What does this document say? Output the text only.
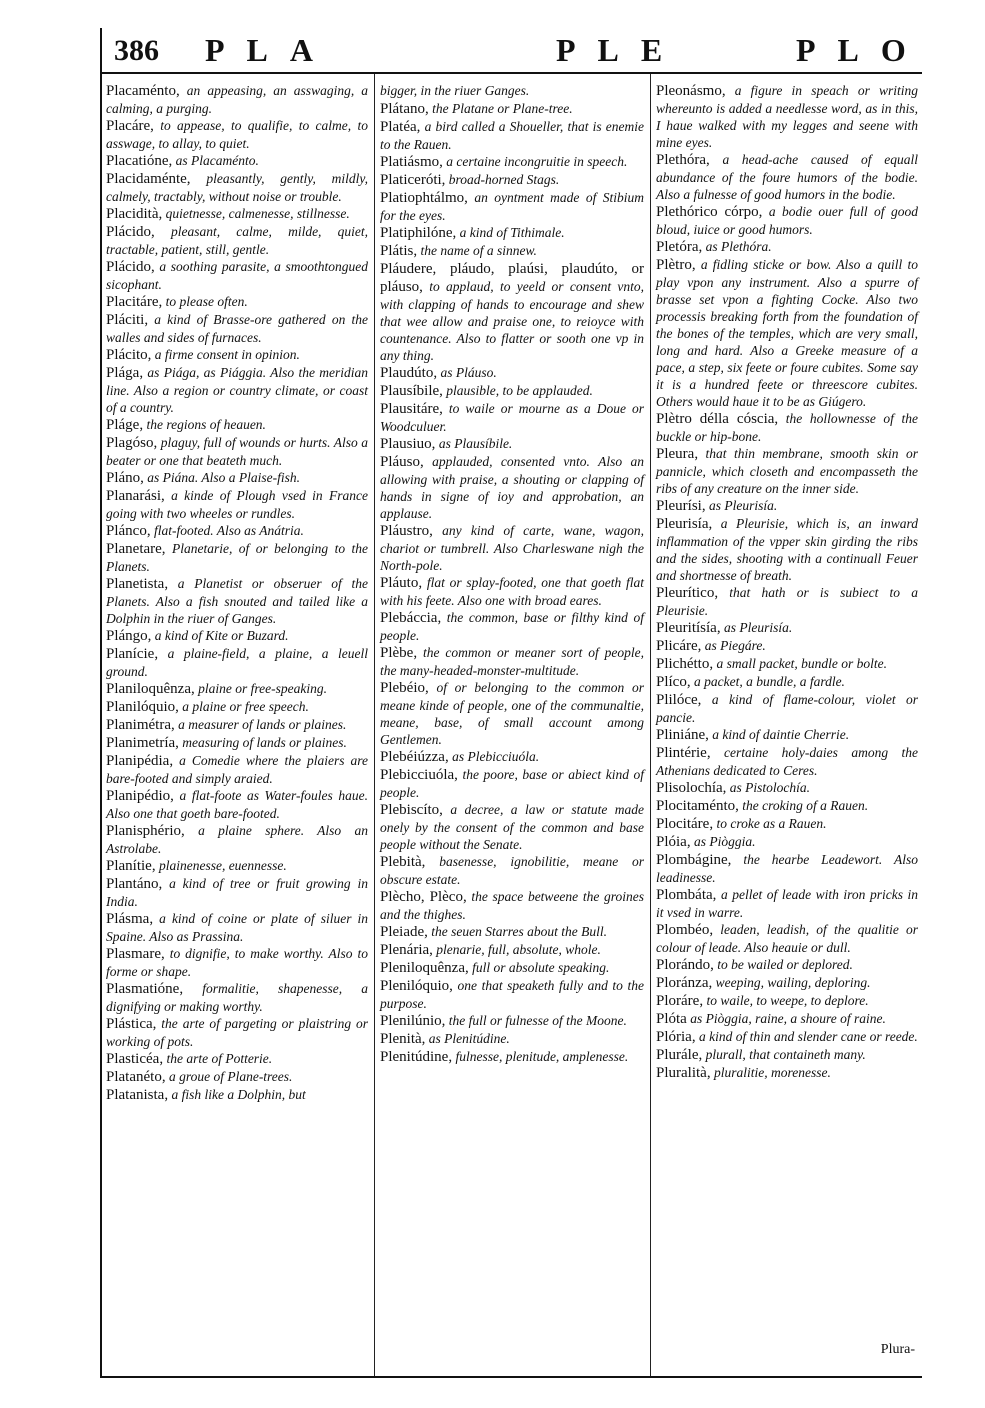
386 PLA	PLE	PLO

Placaménto, an appeasing, an asswaging, a calming, a purging.

Placáre, to appease, to qualifie, to calme, to asswage, to allay, to quiet.

Placatióne, as Placaménto.

Placidaménte, pleasantly, gently, mildly, calmely, tractably, without noise or trouble.

Placidità, quietnesse, calmenesse, stillnesse.

Plácido, pleasant, calme, milde, quiet, tractable, patient, still, gentle.

Plácido, a soothing parasite, a smoothtongued sicophant.

Placitáre, to please often.

Pláciti, a kind of Brasse-ore gathered on the walles and sides of furnaces.

Plácito, a firme consent in opinion.

Plága, as Piága, as Piággia. Also the meridian line. Also a region or country climate, or coast of a country.

Pláge, the regions of heauen.

Plagóso, plaguy, full of wounds or hurts. Also a beater or one that beateth much.

Pláno, as Piána. Also a Plaise-fish.

Planarási, a kinde of Plough vsed in France going with two wheeles or rundles.

Plánco, flat-footed. Also as Anátria.

Planetare, Planetarie, of or belonging to the Planets.

Planetista, a Planetist or obseruer of the Planets. Also a fish snouted and tailed like a Dolphin in the riuer of Ganges.

Plángo, a kind of Kite or Buzard.

Planície, a plaine-field, a plaine, a leuell ground.

Planiloquênza, plaine or free-speaking.

Planilóquio, a plaine or free speech.

Planimétra, a measurer of lands or plaines.

Planimetría, measuring of lands or plaines.

Planipédia, a Comedie where the plaiers are bare-footed and simply araied.

Planipédio, a flat-foote as Water-foules haue. Also one that goeth bare-footed.

Planisphério, a plaine sphere. Also an Astrolabe.

Planítie, plainenesse, euennesse.

Plantáno, a kind of tree or fruit growing in India.

Plásma, a kind of coine or plate of siluer in Spaine. Also as Prassina.

Plasmare, to dignifie, to make worthy. Also to forme or shape.

Plasmatióne, formalitie, shapenesse, a dignifying or making worthy.

Plástica, the arte of pargeting or plaistring or working of pots.

Plasticéa, the arte of Potterie.

Platanéto, a groue of Plane-trees.

Platanista, a fish like a Dolphin, but

bigger, in the riuer Ganges.

Plátano, the Platane or Plane-tree.

Platéa, a bird called a Shoueller, that is enemie to the Rauen.

Platiásmo, a certaine incongruitie in speech.

Platiceróti, broad-horned Stags.

Platiophtálmo, an oyntment made of Stibium for the eyes.

Platiphilóne, a kind of Tithimale.

Plátis, the name of a sinnew.

Pláudere, pláudo, plaúsi, plaudúto, or pláuso, to applaud, to yeeld or consent vnto, with clapping of hands to encourage and shew that wee allow and praise one, to reioyce with countenance. Also to flatter or sooth one vp in any thing.

Plaudúto, as Pláuso.

Plausíbile, plausible, to be applauded.

Plausitáre, to waile or mourne as a Doue or Woodculuer.

Plausiuo, as Plausíbile.

Pláuso, applauded, consented vnto. Also an allowing with praise, a shouting or clapping of hands in signe of ioy and approbation, an applause.

Pláustro, any kind of carte, wane, wagon, chariot or tumbrell. Also Charleswane nigh the North-pole.

Pláuto, flat or splay-footed, one that goeth flat with his feete. Also one with broad eares.

Plebáccia, the common, base or filthy kind of people.

Plèbe, the common or meaner sort of people, the many-headed-monster-multitude.

Plebéio, of or belonging to the common or meane kinde of people, one of the communaltie, meane, base, of small account among Gentlemen.

Plebéiúzza, as Plebicciuóla.

Plebicciuóla, the poore, base or abiect kind of people.

Plebiscíto, a decree, a law or statute made onely by the consent of the common and base people without the Senate.

Plebità, basenesse, ignobilitie, meane or obscure estate.

Plècho, Plèco, the space betweene the groines and the thighes.

Pleiade, the seuen Starres about the Bull.

Plenária, plenarie, full, absolute, whole.

Pleniloquênza, full or absolute speaking.

Plenilóquio, one that speaketh fully and to the purpose.

Plenilúnio, the full or fulnesse of the Moone.

Plenità, as Plenitúdine.

Plenitúdine, fulnesse, plenitude, amplenesse.

Pleonásmo, a figure in speach or writing whereunto is added a needlesse word, as in this, I haue walked with my legges and seene with mine eyes.

Plethóra, a head-ache caused of equall abundance of the foure humors of the bodie. Also a fulnesse of good humors in the bodie.

Plethórico córpo, a bodie ouer full of good bloud, iuice or good humors.

Pletóra, as Plethóra.

Plètro, a fidling sticke or bow. Also a quill to play vpon any instrument. Also a spurre of brasse set vpon a fighting Cocke. Also two processis breaking forth from the foundation of the bones of the temples, which are very small, long and hard. Also a Greeke measure of a pace, a step, six feete or foure cubites. Some say it is a hundred feete or threescore cubites. Others would haue it to be as Giúgero.

Plètro délla cóscia, the hollownesse of the buckle or hip-bone.

Pleura, that thin membrane, smooth skin or pannicle, which closeth and encompasseth the ribs of any creature on the inner side.

Pleurísi, as Pleurisía.

Pleurisía, a Pleurisie, which is, an inward inflammation of the vpper skin girding the ribs and the sides, shooting with a continuall Feuer and shortnesse of breath.

Pleurítico, that hath or is subiect to a Pleurisie.

Pleuritísía, as Pleurisía.

Plicáre, as Piegáre.

Plichétto, a small packet, bundle or bolte.

Plíco, a packet, a bundle, a fardle.

Plilóce, a kind of flame-colour, violet or pancie.

Pliniáne, a kind of daintie Cherrie.

Plintérie, certaine holy-daies among the Athenians dedicated to Ceres.

Plisolochía, as Pistolochía.

Plocitaménto, the croking of a Rauen.

Plocitáre, to croke as a Rauen.

Plóia, as Piòggia.

Plombágine, the hearbe Leadewort. Also leadinesse.

Plombáta, a pellet of leade with iron pricks in it vsed in warre.

Plombéo, leaden, leadish, of the qualitie or colour of leade. Also heauie or dull.

Plorándo, to be wailed or deplored.

Ploránza, weeping, wailing, deploring.

Ploráre, to waile, to weepe, to deplore.

Plóta as Piòggia, raine, a shoure of raine.

Plória, a kind of thin and slender cane or reede.

Plurále, plurall, that containeth many.

Pluralità, pluralitie, morenesse.

Plura-
